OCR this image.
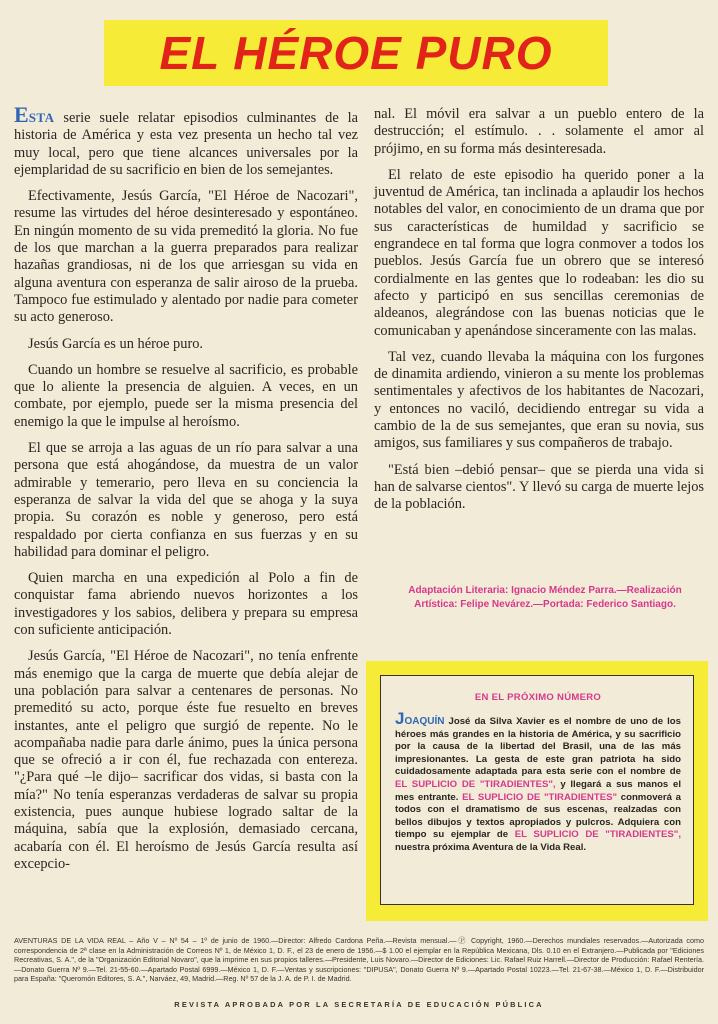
EL HÉROE PURO

ESTA serie suele relatar episodios culminantes de la historia de América y esta vez presenta un hecho tal vez muy local, pero que tiene alcances universales por la ejemplaridad de su sacrificio en bien de los semejantes.

Efectivamente, Jesús García, "El Héroe de Nacozari", resume las virtudes del héroe desinteresado y espontáneo. En ningún momento de su vida premeditó la gloria. No fue de los que marchan a la guerra preparados para realizar hazañas grandiosas, ni de los que arriesgan su vida en alguna aventura con esperanza de salir airoso de la prueba. Tampoco fue estimulado y alentado por nadie para cometer su acto generoso.

Jesús García es un héroe puro.

Cuando un hombre se resuelve al sacrificio, es probable que lo aliente la presencia de alguien. A veces, en un combate, por ejemplo, puede ser la misma presencia del enemigo la que le impulse al heroísmo.

El que se arroja a las aguas de un río para salvar a una persona que está ahogándose, da muestra de un valor admirable y temerario, pero lleva en su conciencia la esperanza de salvar la vida del que se ahoga y la suya propia. Su corazón es noble y generoso, pero está respaldado por cierta confianza en sus fuerzas y en su habilidad para dominar el peligro.

Quien marcha en una expedición al Polo a fin de conquistar fama abriendo nuevos horizontes a los investigadores y los sabios, delibera y prepara su empresa con suficiente anticipación.

Jesús García, "El Héroe de Nacozari", no tenía enfrente más enemigo que la carga de muerte que debía alejar de una población para salvar a centenares de personas. No premeditó su acto, porque éste fue resuelto en breves instantes, ante el peligro que surgió de repente. No le acompañaba nadie para darle ánimo, pues la única persona que se ofreció a ir con él, fue rechazada con entereza. "¿Para qué –le dijo– sacrificar dos vidas, si basta con la mía?" No tenía esperanzas verdaderas de salvar su propia existencia, pues aunque hubiese logrado saltar de la máquina, sabía que la explosión, demasiado cercana, acabaría con él. El heroísmo de Jesús García resulta así excepcio-

nal. El móvil era salvar a un pueblo entero de la destrucción; el estímulo. . . solamente el amor al prójimo, en su forma más desinteresada.

El relato de este episodio ha querido poner a la juventud de América, tan inclinada a aplaudir los hechos notables del valor, en conocimiento de un drama que por sus características de humildad y sacrificio se engrandece en tal forma que logra conmover a todos los pueblos. Jesús García fue un obrero que se interesó cordialmente en las gentes que lo rodeaban: les dio su afecto y participó en sus sencillas ceremonias de aldeanos, alegrándose con las buenas noticias que le comunicaban y apenándose sinceramente con las malas.

Tal vez, cuando llevaba la máquina con los furgones de dinamita ardiendo, vinieron a su mente los problemas sentimentales y afectivos de los habitantes de Nacozari, y entonces no vaciló, decidiendo entregar su vida a cambio de la de sus semejantes, que eran su novia, sus amigos, sus familiares y sus compañeros de trabajo.

"Está bien –debió pensar– que se pierda una vida si han de salvarse cientos". Y llevó su carga de muerte lejos de la población.

Adaptación Literaria: Ignacio Méndez Parra.—Realización
Artística: Felipe Nevárez.—Portada: Federico Santiago.

EN EL PRÓXIMO NÚMERO

JOAQUÍN José da Silva Xavier es el nombre de uno de los héroes más grandes en la historia de América, y su sacrificio por la causa de la libertad del Brasil, una de las más impresionantes. La gesta de este gran patriota ha sido cuidadosamente adaptada para esta serie con el nombre de EL SUPLICIO DE "TIRADIENTES", y llegará a sus manos el mes entrante. EL SUPLICIO DE "TIRADIENTES" conmoverá a todos con el dramatismo de sus escenas, realzadas con bellos dibujos y textos apropiados y pulcros. Adquiera con tiempo su ejemplar de EL SUPLICIO DE "TIRADIENTES", nuestra próxima Aventura de la Vida Real.

AVENTURAS DE LA VIDA REAL – Año V – Nº 54 – 1º de junio de 1960.—Director: Alfredo Cardona Peña.—Revista mensual.—Ⓟ Copyright, 1960.—Derechos mundiales reservados.—Autorizada como correspondencia de 2ª clase en la Administración de Correos Nº 1, de México 1, D. F., el 23 de enero de 1956.—$ 1.00 el ejemplar en la República Mexicana, Dls. 0.10 en el Extranjero.—Publicada por "Ediciones Recreativas, S. A.", de la "Organización Editorial Novaro", que la imprime en sus propios talleres.—Presidente, Luis Novaro.—Director de Ediciones: Lic. Rafael Ruiz Harrell.—Director de Producción: Rafael Rentería.—Donato Guerra Nº 9.—Tel. 21-55-60.—Apartado Postal 6999.—México 1, D. F.—Ventas y suscripciones: "DIPUSA", Donato Guerra Nº 9.—Apartado Postal 10223.—Tel. 21-67-38.—México 1, D. F.—Distribuidor para España: "Queromón Editores, S. A.", Narváez, 49, Madrid.—Reg. Nº 57 de la J. A. de P. I. de Madrid.

REVISTA APROBADA POR LA SECRETARÍA DE EDUCACIÓN PÚBLICA
